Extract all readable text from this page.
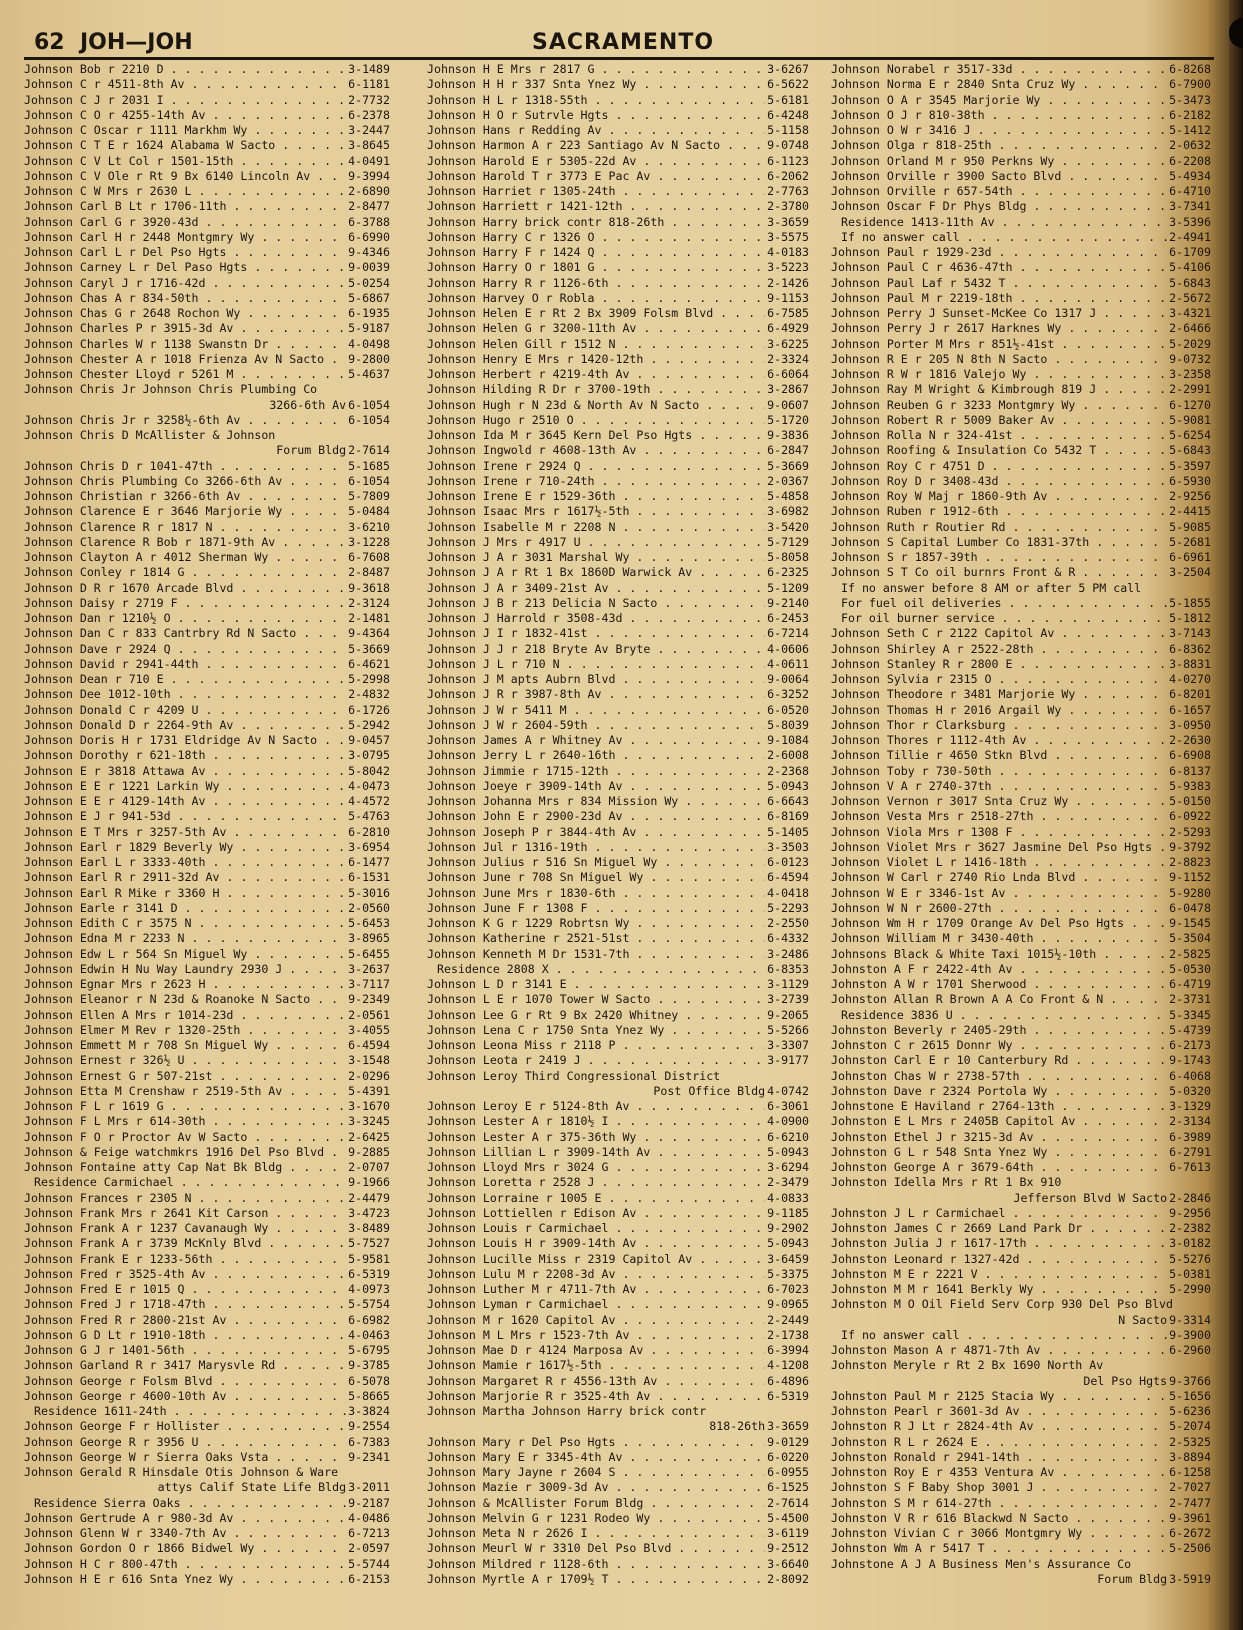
62 JOH—JOH	SACRAMENTO
Johnson Bob r 2210 D . . .	3-1489
Johnson C r 4511-8th Av . . .	6-1181
Johnson C J r 2031 I . . .	2-7732
Johnson C O r 4255-14th Av . . .	6-2378
Johnson C Oscar r 1111 Markhm Wy . . .	3-2447
Johnson C T E r 1624 Alabama W Sacto . . .	3-8645
Johnson C V Lt Col r 1501-15th . . .	4-0491
Johnson C V Ole r Rt 9 Bx 6140 Lincoln Av . . .	9-3994
Johnson C W Mrs r 2630 L . . .	2-6890
Johnson Carl B Lt r 1706-11th . . .	2-8477
Johnson Carl G r 3920-43d . . .	6-3788
Johnson Carl H r 2448 Montgmry Wy . . .	6-6990
Johnson Carl L r Del Pso Hgts . . .	9-4346
Johnson Carney L r Del Paso Hgts . . .	9-0039
Johnson Caryl J r 1716-42d . . .	5-0254
Johnson Chas A r 834-50th . . .	5-6867
Johnson Chas G r 2648 Rochon Wy . . .	6-1935
Johnson Charles P r 3915-3d Av . . .	5-9187
Johnson Charles W r 1138 Swanstn Dr . . .	4-0498
Johnson Chester A r 1018 Frienza Av N Sacto . . .	9-2800
Johnson Chester Lloyd r 5261 M . . .	5-4637
Johnson Chris Jr Johnson Chris Plumbing Co
3266-6th Av 6-1054
Johnson Chris Jr r 3258½-6th Av . . .	6-1054
Johnson Chris D McAllister & Johnson
Forum Bldg 2-7614
Johnson Chris D r 1041-47th . . .	5-1685
Johnson Chris Plumbing Co 3266-6th Av . . .	6-1054
Johnson Christian r 3266-6th Av . . .	5-7809
Johnson Clarence E r 3646 Marjorie Wy . . .	5-0484
Johnson Clarence R r 1817 N . . .	3-6210
Johnson Clarence R Bob r 1871-9th Av . . .	3-1228
Johnson Clayton A r 4012 Sherman Wy . . .	6-7608
Johnson Conley r 1814 G . . .	2-8487
Johnson D R r 1670 Arcade Blvd . . .	9-3618
Johnson Daisy r 2719 F . . .	2-3124
Johnson Dan r 1210½ O . . .	2-1481
Johnson Dan C r 833 Cantrbry Rd N Sacto . . .	9-4364
Johnson Dave r 2924 Q . . .	5-3669
Johnson David r 2941-44th . . .	6-4621
Johnson Dean r 710 E . . .	5-2998
Johnson Dee 1012-10th . . .	2-4832
Johnson Donald C r 4209 U . . .	6-1726
Johnson Donald D r 2264-9th Av . . .	5-2942
Johnson Doris H r 1731 Eldridge Av N Sacto . . .	9-0457
Johnson Dorothy r 621-18th . . .	3-0795
Johnson E r 3818 Attawa Av . . .	5-8042
Johnson E E r 1221 Larkin Wy . . .	4-0473
Johnson E E r 4129-14th Av . . .	4-4572
Johnson E J r 941-53d . . .	5-4763
Johnson E T Mrs r 3257-5th Av . . .	6-2810
Johnson Earl r 1829 Beverly Wy . . .	3-6954
Johnson Earl L r 3333-40th . . .	6-1477
Johnson Earl R r 2911-32d Av . . .	6-1531
Johnson Earl R Mike r 3360 H . . .	5-3016
Johnson Earle r 3141 D . . .	2-0560
Johnson Edith C r 3575 N . . .	5-6453
Johnson Edna M r 2233 N . . .	3-8965
Johnson Edw L r 564 Sn Miguel Wy . . .	5-6455
Johnson Edwin H Nu Way Laundry 2930 J . . .	3-2637
Johnson Egnar Mrs r 2623 H . . .	3-7117
Johnson Eleanor r N 23d & Roanoke N Sacto . . .	9-2349
Johnson Ellen A Mrs r 1014-23d . . .	2-0561
Johnson Elmer M Rev r 1320-25th . . .	3-4055
Johnson Emmett M r 708 Sn Miguel Wy . . .	6-4594
Johnson Ernest r 326½ U . . .	3-1548
Johnson Ernest G r 507-21st . . .	2-0296
Johnson Etta M Crenshaw r 2519-5th Av . . .	5-4391
Johnson F L r 1619 G . . .	3-1670
Johnson F L Mrs r 614-30th . . .	3-3245
Johnson F O r Proctor Av W Sacto . . .	2-6425
Johnson & Feige watchmkrs 1916 Del Pso Blvd . . .	9-2885
Johnson Fontaine atty Cap Nat Bk Bldg . . .	2-0707
Residence Carmichael . . .	9-1966
Johnson Frances r 2305 N . . .	2-4479
Johnson Frank Mrs r 2641 Kit Carson . . .	3-4723
Johnson Frank A r 1237 Cavanaugh Wy . . .	3-8489
Johnson Frank A r 3739 McKnly Blvd . . .	5-7527
Johnson Frank E r 1233-56th . . .	5-9581
Johnson Fred r 3525-4th Av . . .	6-5319
Johnson Fred E r 1015 Q . . .	4-0973
Johnson Fred J r 1718-47th . . .	5-5754
Johnson Fred R r 2800-21st Av . . .	6-6982
Johnson G D Lt r 1910-18th . . .	4-0463
Johnson G J r 1401-56th . . .	5-6795
Johnson Garland R r 3417 Marysvle Rd . . .	9-3785
Johnson George r Folsm Blvd . . .	6-5078
Johnson George r 4600-10th Av . . .	5-8665
Residence 1611-24th . . .	3-3824
Johnson George F r Hollister . . .	9-2554
Johnson George R r 3956 U . . .	6-7383
Johnson George W r Sierra Oaks Vsta . . .	9-2341
Johnson Gerald R Hinsdale Otis Johnson & Ware
attys Calif State Life Bldg 3-2011
Residence Sierra Oaks . . .	9-2187
Johnson Gertrude A r 980-3d Av . . .	4-0486
Johnson Glenn W r 3340-7th Av . . .	6-7213
Johnson Gordon O r 1866 Bidwel Wy . . .	2-0597
Johnson H C r 800-47th . . .	5-5744
Johnson H E r 616 Snta Ynez Wy . . .	6-2153
Johnson H E Mrs r 2817 G . . .	3-6267
Johnson H H r 337 Snta Ynez Wy . . .	6-5622
Johnson H L r 1318-55th . . .	5-6181
Johnson H O r Sutrvle Hgts . . .	6-4248
Johnson Hans r Redding Av . . .	5-1158
Johnson Harmon A r 223 Santiago Av N Sacto . . .	9-0748
Johnson Harold E r 5305-22d Av . . .	6-1123
Johnson Harold T r 3773 E Pac Av . . .	6-2062
Johnson Harriet r 1305-24th . . .	2-7763
Johnson Harriett r 1421-12th . . .	2-3780
Johnson Harry brick contr 818-26th . . .	3-3659
Johnson Harry C r 1326 O . . .	3-5575
Johnson Harry F r 1424 Q . . .	4-0183
Johnson Harry O r 1801 G . . .	3-5223
Johnson Harry R r 1126-6th . . .	2-1426
Johnson Harvey O r Robla . . .	9-1153
Johnson Helen E r Rt 2 Bx 3909 Folsm Blvd . . .	6-7585
Johnson Helen G r 3200-11th Av . . .	6-4929
Johnson Helen Gill r 1512 N . . .	3-6225
Johnson Henry E Mrs r 1420-12th . . .	2-3324
Johnson Herbert r 4219-4th Av . . .	6-6064
Johnson Hilding R Dr r 3700-19th . . .	3-2867
Johnson Hugh r N 23d & North Av N Sacto . . .	9-0607
Johnson Hugo r 2510 O . . .	5-1720
Johnson Ida M r 3645 Kern Del Pso Hgts . . .	9-3836
Johnson Ingwold r 4608-13th Av . . .	6-2847
Johnson Irene r 2924 Q . . .	5-3669
Johnson Irene r 710-24th . . .	2-0367
Johnson Irene E r 1529-36th . . .	5-4858
Johnson Isaac Mrs r 1617½-5th . . .	3-6982
Johnson Isabelle M r 2208 N . . .	3-5420
Johnson J Mrs r 4917 U . . .	5-7129
Johnson J A r 3031 Marshal Wy . . .	5-8058
Johnson J A r Rt 1 Bx 1860D Warwick Av . . .	6-2325
Johnson J A r 3409-21st Av . . .	5-1209
Johnson J B r 213 Delicia N Sacto . . .	9-2140
Johnson J Harrold r 3508-43d . . .	6-2453
Johnson J I r 1832-41st . . .	6-7214
Johnson J J r 218 Bryte Av Bryte . . .	4-0606
Johnson J L r 710 N . . .	4-0611
Johnson J M apts Aubrn Blvd . . .	9-0064
Johnson J R r 3987-8th Av . . .	6-3252
Johnson J W r 5411 M . . .	6-0520
Johnson J W r 2604-59th . . .	5-8039
Johnson James A r Whitney Av . . .	9-1084
Johnson Jerry L r 2640-16th . . .	2-6008
Johnson Jimmie r 1715-12th . . .	2-2368
Johnson Joeye r 3909-14th Av . . .	5-0943
Johnson Johanna Mrs r 834 Mission Wy . . .	6-6643
Johnson John E r 2900-23d Av . . .	6-8169
Johnson Joseph P r 3844-4th Av . . .	5-1405
Johnson Jul r 1316-19th . . .	3-3503
Johnson Julius r 516 Sn Miguel Wy . . .	6-0123
Johnson June r 708 Sn Miguel Wy . . .	6-4594
Johnson June Mrs r 1830-6th . . .	4-0418
Johnson June F r 1308 F . . .	5-2293
Johnson K G r 1229 Robrtsn Wy . . .	2-2550
Johnson Katherine r 2521-51st . . .	6-4332
Johnson Kenneth M Dr 1531-7th . . .	3-2486
Residence 2808 X . . .	6-8353
Johnson L D r 3141 E . . .	3-1129
Johnson L E r 1070 Tower W Sacto . . .	3-2739
Johnson Lee G r Rt 9 Bx 2420 Whitney . . .	9-2065
Johnson Lena C r 1750 Snta Ynez Wy . . .	5-5266
Johnson Leona Miss r 2118 P . . .	3-3307
Johnson Leota r 2419 J . . .	3-9177
Johnson Leroy Third Congressional District
Post Office Bldg 4-0742
Johnson Leroy E r 5124-8th Av . . .	6-3061
Johnson Lester A r 1810½ I . . .	4-0900
Johnson Lester A r 375-36th Wy . . .	6-6210
Johnson Lillian L r 3909-14th Av . . .	5-0943
Johnson Lloyd Mrs r 3024 G . . .	3-6294
Johnson Loretta r 2528 J . . .	2-3479
Johnson Lorraine r 1005 E . . .	4-0833
Johnson Lottiellen r Edison Av . . .	9-1185
Johnson Louis r Carmichael . . .	9-2902
Johnson Louis H r 3909-14th Av . . .	5-0943
Johnson Lucille Miss r 2319 Capitol Av . . .	3-6459
Johnson Lulu M r 2208-3d Av . . .	5-3375
Johnson Luther M r 4711-7th Av . . .	6-7023
Johnson Lyman r Carmichael . . .	9-0965
Johnson M r 1620 Capitol Av . . .	2-2449
Johnson M L Mrs r 1523-7th Av . . .	2-1738
Johnson Mae D r 4124 Marposa Av . . .	6-3994
Johnson Mamie r 1617½-5th . . .	4-1208
Johnson Margaret R r 4556-13th Av . . .	6-4896
Johnson Marjorie R r 3525-4th Av . . .	6-5319
Johnson Martha Johnson Harry brick contr
818-26th 3-3659
Johnson Mary r Del Pso Hgts . . .	9-0129
Johnson Mary E r 3345-4th Av . . .	6-0220
Johnson Mary Jayne r 2604 S . . .	6-0955
Johnson Mazie r 3009-3d Av . . .	6-1525
Johnson & McAllister Forum Bldg . . .	2-7614
Johnson Melvin G r 1231 Rodeo Wy . . .	5-4500
Johnson Meta N r 2626 I . . .	3-6119
Johnson Meurl W r 3310 Del Pso Blvd . . .	9-2512
Johnson Mildred r 1128-6th . . .	3-6640
Johnson Myrtle A r 1709½ T . . .	2-8092
Johnson Norabel r 3517-33d . . .	6-8268
Johnson Norma E r 2840 Snta Cruz Wy . . .	6-7900
Johnson O A r 3545 Marjorie Wy . . .	5-3473
Johnson O J r 810-38th . . .	6-2182
Johnson O W r 3416 J . . .	5-1412
Johnson Olga r 818-25th . . .	2-0632
Johnson Orland M r 950 Perkns Wy . . .	6-2208
Johnson Orville r 3900 Sacto Blvd . . .	5-4934
Johnson Orville r 657-54th . . .	6-4710
Johnson Oscar F Dr Phys Bldg . . .	3-7341
Residence 1413-11th Av . . .	3-5396
If no answer call . . .	2-4941
Johnson Paul r 1929-23d . . .	6-1709
Johnson Paul C r 4636-47th . . .	5-4106
Johnson Paul Laf r 5432 T . . .	5-6843
Johnson Paul M r 2219-18th . . .	2-5672
Johnson Perry J Sunset-McKee Co 1317 J . . .	3-4321
Johnson Perry J r 2617 Harknes Wy . . .	2-6466
Johnson Porter M Mrs r 851½-41st . . .	5-2029
Johnson R E r 205 N 8th N Sacto . . .	9-0732
Johnson R W r 1816 Valejo Wy . . .	3-2358
Johnson Ray M Wright & Kimbrough 819 J . . .	2-2991
Johnson Reuben G r 3233 Montgmry Wy . . .	6-1270
Johnson Robert R r 5009 Baker Av . . .	5-9081
Johnson Rolla N r 324-41st . . .	5-6254
Johnson Roofing & Insulation Co 5432 T . . .	5-6843
Johnson Roy C r 4751 D . . .	5-3597
Johnson Roy D r 3408-43d . . .	6-5930
Johnson Roy W Maj r 1860-9th Av . . .	2-9256
Johnson Ruben r 1912-6th . . .	2-4415
Johnson Ruth r Routier Rd . . .	5-9085
Johnson S Capital Lumber Co 1831-37th . . .	5-2681
Johnson S r 1857-39th . . .	6-6961
Johnson S T Co oil burnrs Front & R . . .	3-2504
If no answer before 8 AM or after 5 PM call
For fuel oil deliveries . . .	5-1855
For oil burner service . . .	5-1812
Johnson Seth C r 2122 Capitol Av . . .	3-7143
Johnson Shirley A r 2522-28th . . .	6-8362
Johnson Stanley R r 2800 E . . .	3-8831
Johnson Sylvia r 2315 O . . .	4-0270
Johnson Theodore r 3481 Marjorie Wy . . .	6-8201
Johnson Thomas H r 2016 Argail Wy . . .	6-1657
Johnson Thor r Clarksburg . . .	3-0950
Johnson Thores r 1112-4th Av . . .	2-2630
Johnson Tillie r 4650 Stkn Blvd . . .	6-6908
Johnson Toby r 730-50th . . .	6-8137
Johnson V A r 2740-37th . . .	5-9383
Johnson Vernon r 3017 Snta Cruz Wy . . .	5-0150
Johnson Vesta Mrs r 2518-27th . . .	6-0922
Johnson Viola Mrs r 1308 F . . .	2-5293
Johnson Violet Mrs r 3627 Jasmine Del Pso Hgts . . .	9-3792
Johnson Violet L r 1416-18th . . .	2-8823
Johnson W Carl r 2740 Rio Lnda Blvd . . .	9-1152
Johnson W E r 3346-1st Av . . .	5-9280
Johnson W N r 2600-27th . . .	6-0478
Johnson Wm H r 1709 Orange Av Del Pso Hgts . . .	9-1545
Johnson William M r 3430-40th . . .	5-3504
Johnsons Black & White Taxi 1015½-10th . . .	2-5825
Johnston A F r 2422-4th Av . . .	5-0530
Johnston A W r 1701 Sherwood . . .	6-4719
Johnston Allan R Brown A A Co Front & N . . .	2-3731
Residence 3836 U . . .	5-3345
Johnston Beverly r 2405-29th . . .	5-4739
Johnston C r 2615 Donnr Wy . . .	6-2173
Johnston Carl E r 10 Canterbury Rd . . .	9-1743
Johnston Chas W r 2738-57th . . .	6-4068
Johnston Dave r 2324 Portola Wy . . .	5-0320
Johnstone E Haviland r 2764-13th . . .	3-1329
Johnston E L Mrs r 2405B Capitol Av . . .	2-3134
Johnston Ethel J r 3215-3d Av . . .	6-3989
Johnston G L r 548 Snta Ynez Wy . . .	6-2791
Johnston George A r 3679-64th . . .	6-7613
Johnston Idella Mrs r Rt 1 Bx 910
Jefferson Blvd W Sacto 2-2846
Johnston J L r Carmichael . . .	9-2956
Johnston James C r 2669 Land Park Dr . . .	2-2382
Johnston Julia J r 1617-17th . . .	3-0182
Johnston Leonard r 1327-42d . . .	5-5276
Johnston M E r 2221 V . . .	5-0381
Johnston M M r 1641 Berkly Wy . . .	5-2990
Johnston M O Oil Field Serv Corp 930 Del Pso Blvd
N Sacto 9-3314
If no answer call . . .	9-3900
Johnston Mason A r 4871-7th Av . . .	6-2960
Johnston Meryle r Rt 2 Bx 1690 North Av
Del Pso Hgts 9-3766
Johnston Paul M r 2125 Stacia Wy . . .	5-1656
Johnston Pearl r 3601-3d Av . . .	5-6236
Johnston R J Lt r 2824-4th Av . . .	5-2074
Johnston R L r 2624 E . . .	2-5325
Johnston Ronald r 2941-14th . . .	3-8894
Johnston Roy E r 4353 Ventura Av . . .	6-1258
Johnston S F Baby Shop 3001 J . . .	2-7027
Johnston S M r 614-27th . . .	2-7477
Johnston V R r 616 Blackwd N Sacto . . .	9-3961
Johnston Vivian C r 3066 Montgmry Wy . . .	6-2672
Johnston Wm A r 5417 T . . .	5-2506
Johnstone A J A Business Men's Assurance Co
Forum Bldg 3-5919
